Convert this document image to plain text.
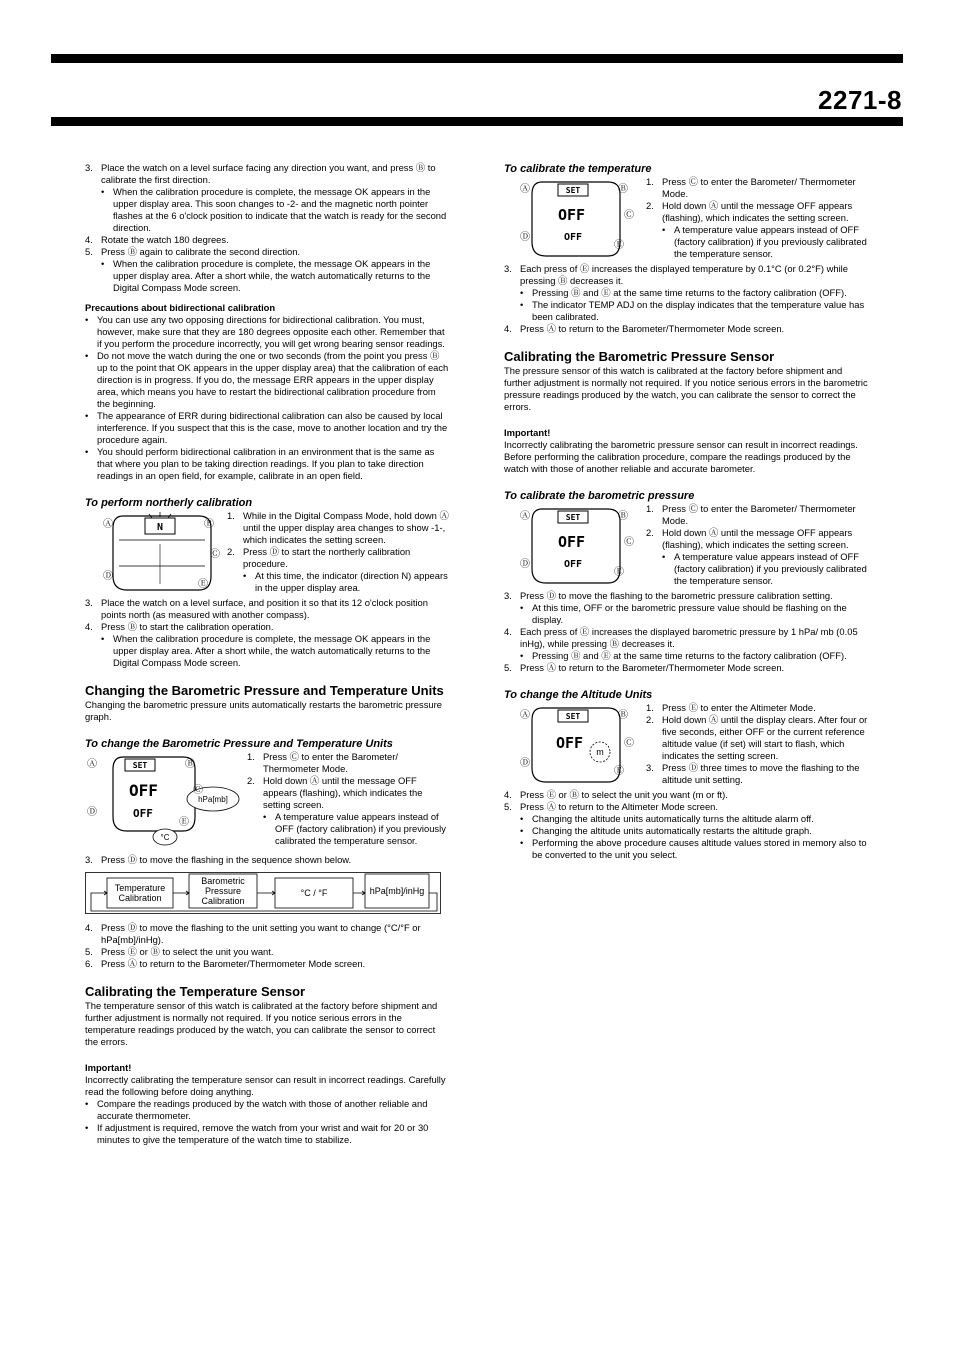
2271-8
3. Place the watch on a level surface facing any direction you want, and press Ⓑ to calibrate the first direction.
• When the calibration procedure is complete, the message OK appears in the upper display area. This soon changes to -2- and the magnetic north pointer flashes at the 6 o'clock position to indicate that the watch is ready for the second direction.
4. Rotate the watch 180 degrees.
5. Press Ⓑ again to calibrate the second direction.
• When the calibration procedure is complete, the message OK appears in the upper display area. After a short while, the watch automatically returns to the Digital Compass Mode screen.

Precautions about bidirectional calibration

• You can use any two opposing directions for bidirectional calibration. You must, however, make sure that they are 180 degrees opposite each other. Remember that if you perform the procedure incorrectly, you will get wrong bearing sensor readings.
• Do not move the watch during the one or two seconds (from the point you press Ⓑ up to the point that OK appears in the upper display area) that the calibration of each direction is in progress. If you do, the message ERR appears in the upper display area, which means you have to restart the bidirectional calibration procedure from the beginning.
• The appearance of ERR during bidirectional calibration can also be caused by local interference. If you suspect that this is the case, move to another location and try the procedure again.
• You should perform bidirectional calibration in an environment that is the same as that where you plan to be taking direction readings. If you plan to take direction readings in an open field, for example, calibrate in an open field.

To perform northerly calibration

N
Ⓐ	Ⓑ
Ⓒ
Ⓓ
Ⓔ
1. While in the Digital Compass Mode, hold down Ⓐ until the upper display area changes to show -1-, which indicates the setting screen.
2. Press Ⓓ to start the northerly calibration procedure.
• At this time, the indicator (direction N) appears in the upper display area.
3. Place the watch on a level surface, and position it so that its 12 o'clock position points north (as measured with another compass).
4. Press Ⓑ to start the calibration operation.
• When the calibration procedure is complete, the message OK appears in the upper display area. After a short while, the watch automatically returns to the Digital Compass Mode screen.

Changing the Barometric Pressure and Temperature Units

Changing the barometric pressure units automatically restarts the barometric pressure graph.

To change the Barometric Pressure and Temperature Units

SET
OFF
OFF
hPa[mb]
°C
Ⓐ	Ⓑ
Ⓒ
Ⓓ
Ⓔ
1. Press Ⓒ to enter the Barometer/ Thermometer Mode.
2. Hold down Ⓐ until the message OFF appears (flashing), which indicates the setting screen.
• A temperature value appears instead of OFF (factory calibration) if you previously calibrated the temperature sensor.
3. Press Ⓓ to move the flashing in the sequence shown below.
Temperature Calibration
Barometric Pressure Calibration
°C / °F	hPa[mb]/inHg
4. Press Ⓓ to move the flashing to the unit setting you want to change (°C/°F or hPa[mb]/inHg).
5. Press Ⓔ or Ⓑ to select the unit you want.
6. Press Ⓐ to return to the Barometer/Thermometer Mode screen.

Calibrating the Temperature Sensor

The temperature sensor of this watch is calibrated at the factory before shipment and further adjustment is normally not required. If you notice serious errors in the temperature readings produced by the watch, you can calibrate the sensor to correct the errors.

Important!

Incorrectly calibrating the temperature sensor can result in incorrect readings. Carefully read the following before doing anything.

• Compare the readings produced by the watch with those of another reliable and accurate thermometer.
• If adjustment is required, remove the watch from your wrist and wait for 20 or 30 minutes to give the temperature of the watch time to stabilize.

To calibrate the temperature

SET
OFF
OFF
Ⓐ	Ⓑ
Ⓒ
Ⓓ
Ⓔ
1. Press Ⓒ to enter the Barometer/ Thermometer Mode.
2. Hold down Ⓐ until the message OFF appears (flashing), which indicates the setting screen.
• A temperature value appears instead of OFF (factory calibration) if you previously calibrated the temperature sensor.
3. Each press of Ⓔ increases the displayed temperature by 0.1°C (or 0.2°F) while pressing Ⓑ decreases it.
• Pressing Ⓑ and Ⓔ at the same time returns to the factory calibration (OFF).
• The indicator TEMP ADJ on the display indicates that the temperature value has been calibrated.
4. Press Ⓐ to return to the Barometer/Thermometer Mode screen.

Calibrating the Barometric Pressure Sensor

The pressure sensor of this watch is calibrated at the factory before shipment and further adjustment is normally not required. If you notice serious errors in the barometric pressure readings produced by the watch, you can calibrate the sensor to correct the errors.

Important!

Incorrectly calibrating the barometric pressure sensor can result in incorrect readings. Before performing the calibration procedure, compare the readings produced by the watch with those of another reliable and accurate barometer.

To calibrate the barometric pressure

SET
OFF
OFF
Ⓐ	Ⓑ
Ⓒ
Ⓓ
Ⓔ
1. Press Ⓒ to enter the Barometer/ Thermometer Mode.
2. Hold down Ⓐ until the message OFF appears (flashing), which indicates the setting screen.
• A temperature value appears instead of OFF (factory calibration) if you previously calibrated the temperature sensor.
3. Press Ⓓ to move the flashing to the barometric pressure calibration setting.
• At this time, OFF or the barometric pressure value should be flashing on the display.
4. Each press of Ⓔ increases the displayed barometric pressure by 1 hPa/ mb (0.05 inHg), while pressing Ⓑ decreases it.
• Pressing Ⓑ and Ⓔ at the same time returns to the factory calibration (OFF).
5. Press Ⓐ to return to the Barometer/Thermometer Mode screen.

To change the Altitude Units

SET
OFF m
Ⓐ	Ⓑ
Ⓒ
Ⓓ
Ⓔ
1. Press Ⓔ to enter the Altimeter Mode.
2. Hold down Ⓐ until the display clears. After four or five seconds, either OFF or the current reference altitude value (if set) will start to flash, which indicates the setting screen.
3. Press Ⓓ three times to move the flashing to the altitude unit setting.
4. Press Ⓔ or Ⓑ to select the unit you want (m or ft).
5. Press Ⓐ to return to the Altimeter Mode screen.
• Changing the altitude units automatically turns the altitude alarm off.
• Changing the altitude units automatically restarts the altitude graph.
• Performing the above procedure causes altitude values stored in memory also to be converted to the unit you select.
